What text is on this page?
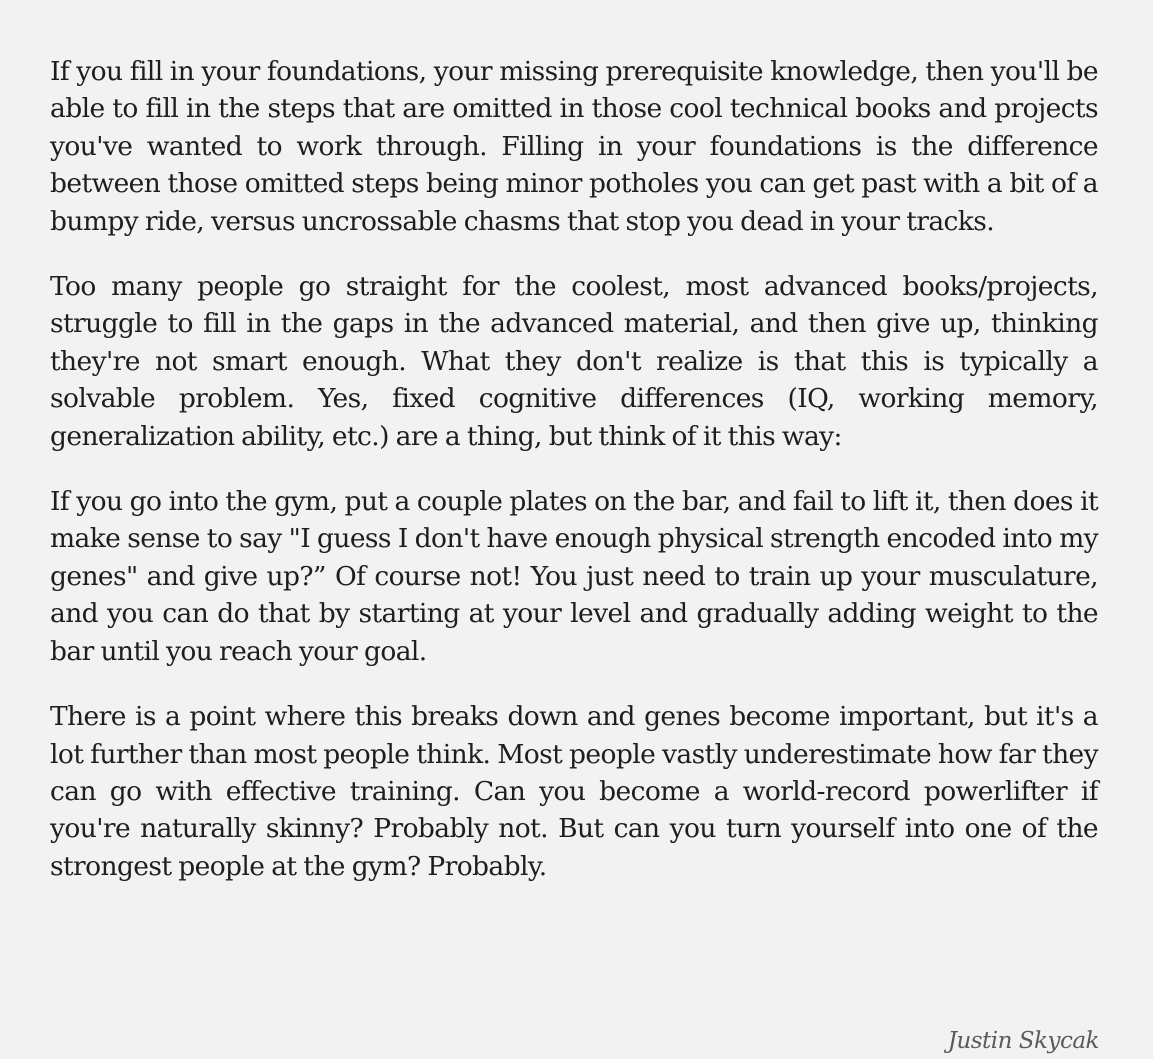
If you fill in your foundations, your missing prerequisite knowledge, then you'll be able to fill in the steps that are omitted in those cool technical books and projects you've wanted to work through. Filling in your foundations is the difference between those omitted steps being minor potholes you can get past with a bit of a bumpy ride, versus uncrossable chasms that stop you dead in your tracks.

Too many people go straight for the coolest, most advanced books/projects, struggle to fill in the gaps in the advanced material, and then give up, thinking they're not smart enough. What they don't realize is that this is typically a solvable problem. Yes, fixed cognitive differences (IQ, working memory, generalization ability, etc.) are a thing, but think of it this way:

If you go into the gym, put a couple plates on the bar, and fail to lift it, then does it make sense to say "I guess I don't have enough physical strength encoded into my genes" and give up?” Of course not! You just need to train up your musculature, and you can do that by starting at your level and gradually adding weight to the bar until you reach your goal.

There is a point where this breaks down and genes become important, but it's a lot further than most people think. Most people vastly underestimate how far they can go with effective training. Can you become a world-record powerlifter if you're naturally skinny? Probably not. But can you turn yourself into one of the strongest people at the gym? Probably.

Justin Skycak
